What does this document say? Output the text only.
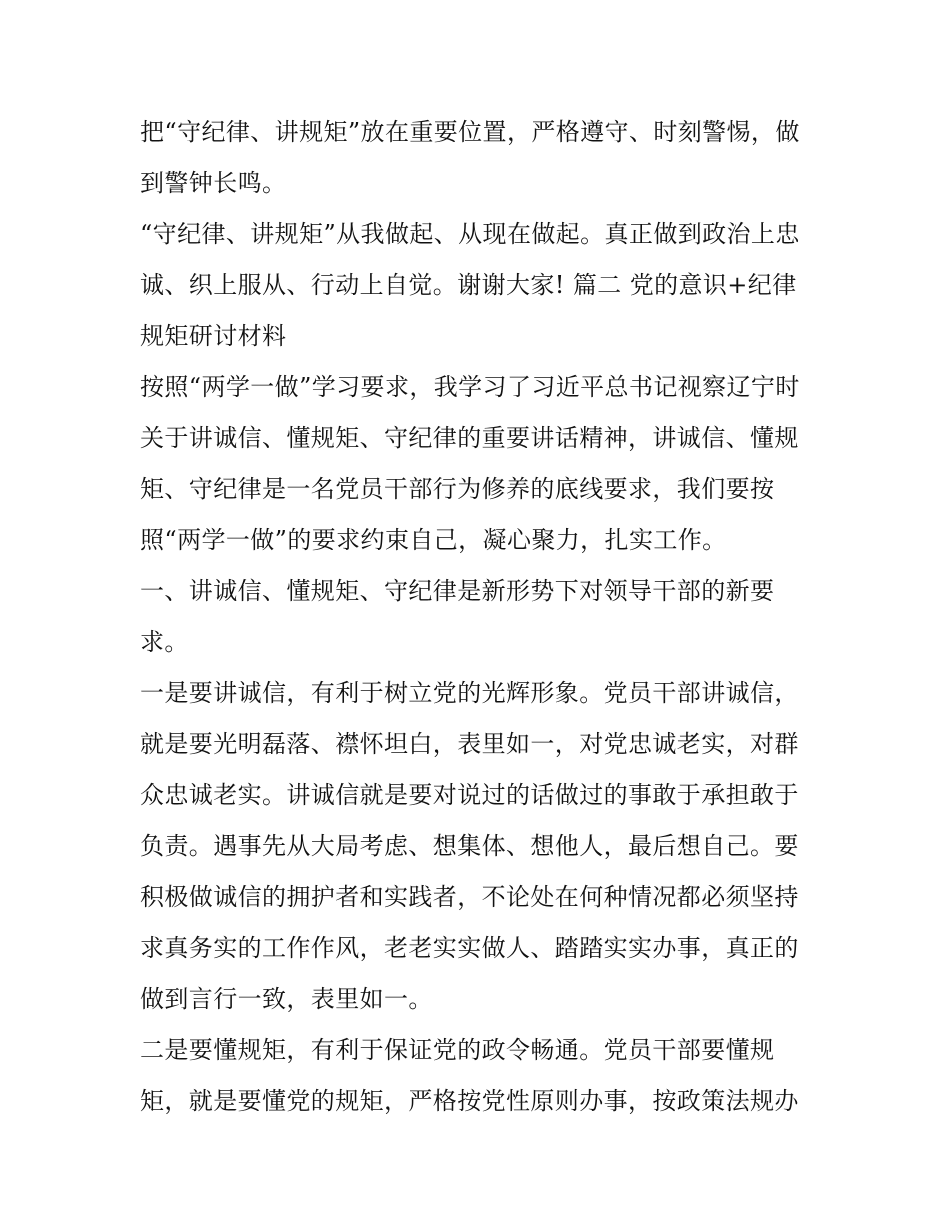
把“守纪律、讲规矩”放在重要位置，严格遵守、时刻警惕，做到警钟长鸣。

“守纪律、讲规矩”从我做起、从现在做起。真正做到政治上忠诚、织上服从、行动上自觉。谢谢大家! 篇二 党的意识+纪律规矩研讨材料

按照“两学一做”学习要求，我学习了习近平总书记视察辽宁时关于讲诚信、懂规矩、守纪律的重要讲话精神，讲诚信、懂规矩、守纪律是一名党员干部行为修养的底线要求，我们要按照“两学一做”的要求约束自己，凝心聚力，扎实工作。

一、讲诚信、懂规矩、守纪律是新形势下对领导干部的新要求。

一是要讲诚信，有利于树立党的光辉形象。党员干部讲诚信，就是要光明磊落、襟怀坦白，表里如一，对党忠诚老实，对群众忠诚老实。讲诚信就是要对说过的话做过的事敢于承担敢于负责。遇事先从大局考虑、想集体、想他人，最后想自己。要积极做诚信的拥护者和实践者，不论处在何种情况都必须坚持求真务实的工作作风，老老实实做人、踏踏实实办事，真正的做到言行一致，表里如一。

二是要懂规矩，有利于保证党的政令畅通。党员干部要懂规矩，就是要懂党的规矩，严格按党性原则办事，按政策法规办
